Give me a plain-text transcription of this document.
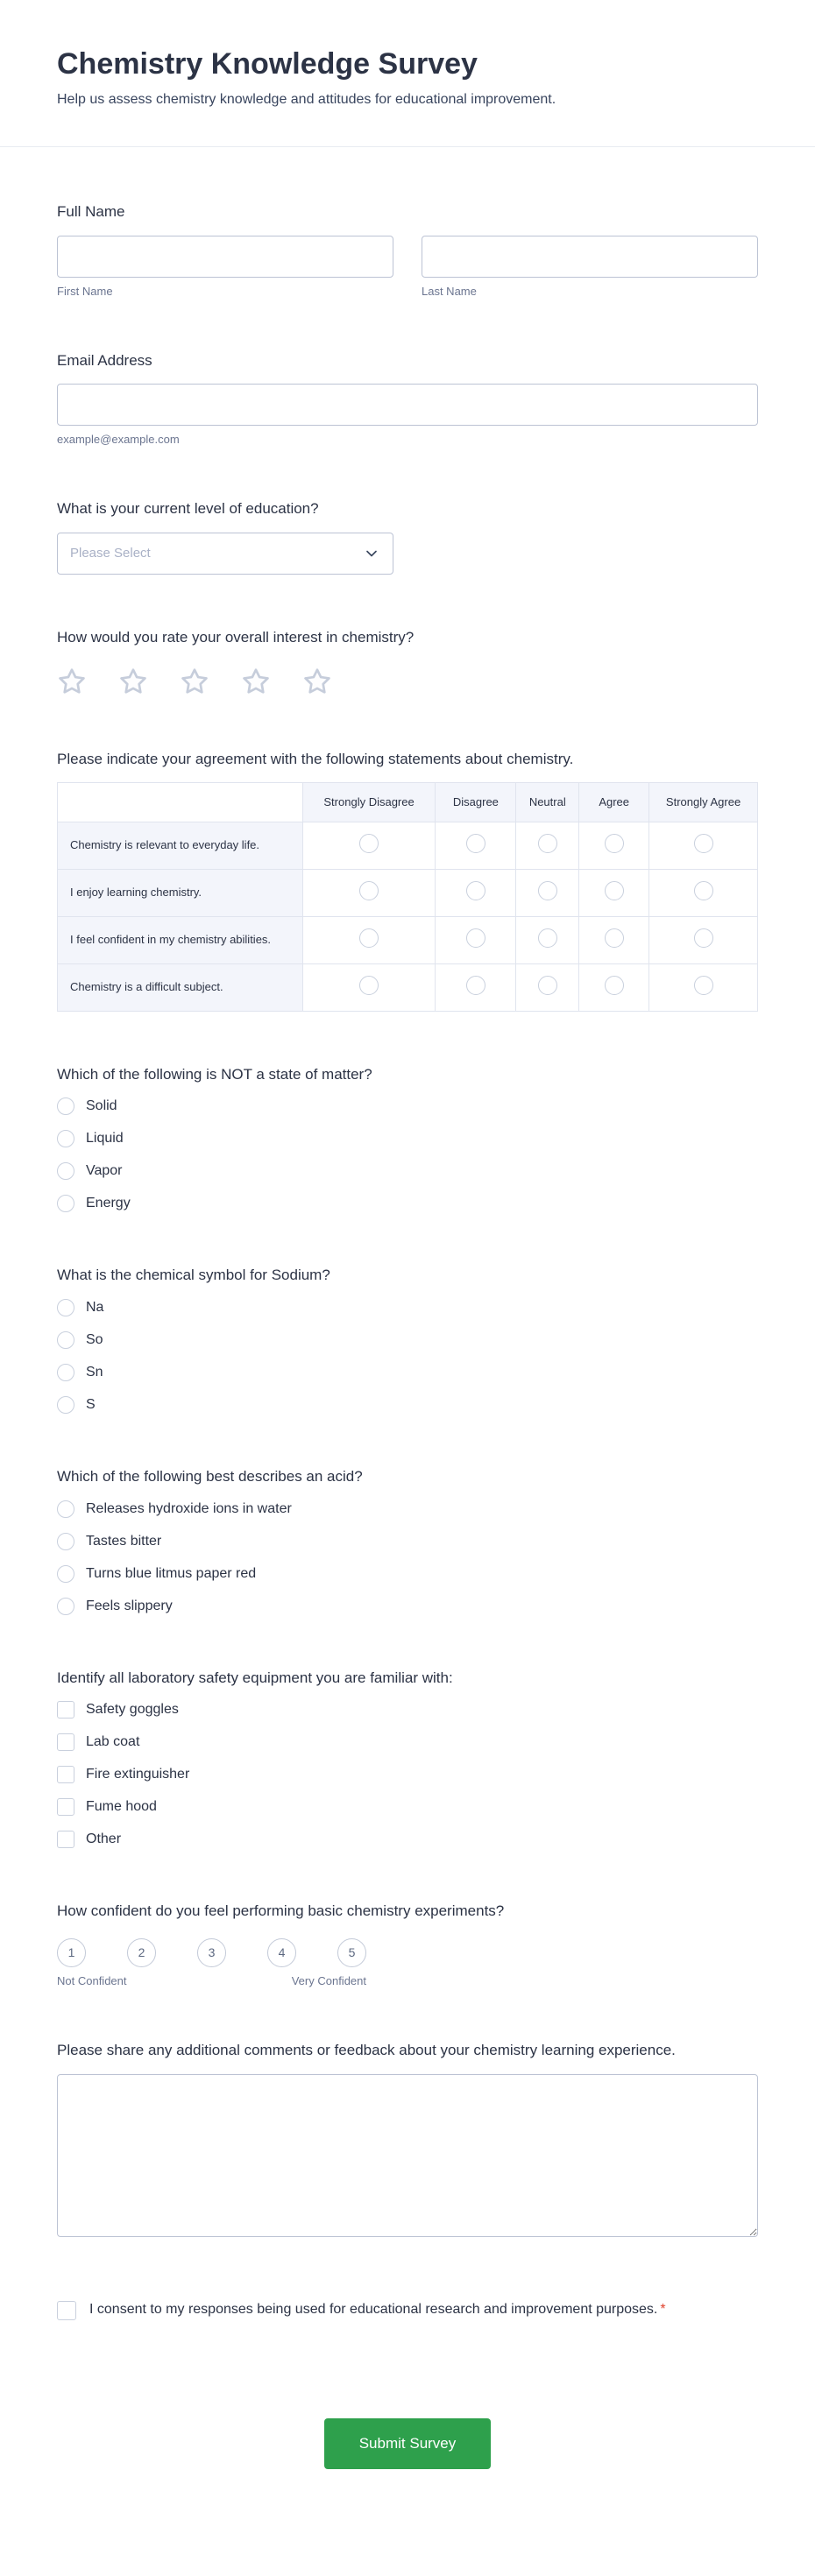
Chemistry Knowledge Survey

Help us assess chemistry knowledge and attitudes for educational improvement.

Full Name
First Name	Last Name
Email Address
example@example.com
What is your current level of education?
Please Select
How would you rate your overall interest in chemistry?
Please indicate your agreement with the following statements about chemistry.
	Strongly Disagree	Disagree	Neutral	Agree	Strongly Agree
Chemistry is relevant to everyday life.					
I enjoy learning chemistry.					
I feel confident in my chemistry abilities.					
Chemistry is a difficult subject.					
Which of the following is NOT a state of matter?
Solid
Liquid
Vapor
Energy
What is the chemical symbol for Sodium?
Na
So
Sn
S
Which of the following best describes an acid?
Releases hydroxide ions in water
Tastes bitter
Turns blue litmus paper red
Feels slippery
Identify all laboratory safety equipment you are familiar with:
Safety goggles
Lab coat
Fire extinguisher
Fume hood
Other
How confident do you feel performing basic chemistry experiments?
1	2	3	4	5
Not Confident	Very Confident
Please share any additional comments or feedback about your chemistry learning experience.
I consent to my responses being used for educational research and improvement purposes. *
Submit Survey
